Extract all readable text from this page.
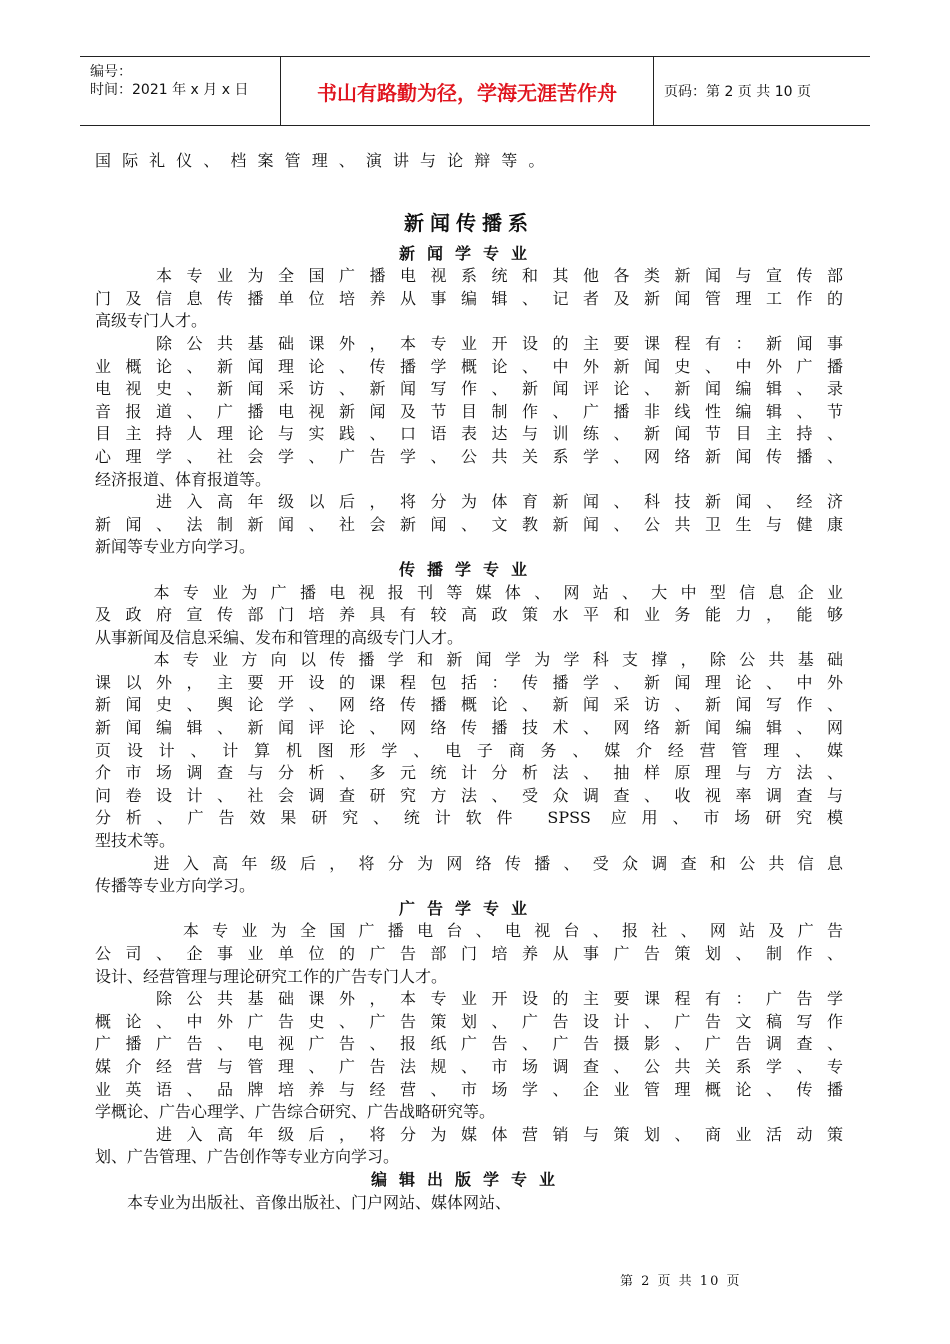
编号：
时间：2021 年 x 月 x 日	书山有路勤为径，学海无涯苦作舟	页码：第 2 页 共 10 页
国 际 礼 仪 、 档 案 管 理 、 演 讲 与 论 辩 等 。
新闻传播系
新闻学专业
　　本专业为全国广播电视系统和其他各类新闻与宣传部
门及信息传播单位培养从事编辑、记者及新闻管理工作的
高级专门人才。
　　除公共基础课外，本专业开设的主要课程有：新闻事
业概论、新闻理论、传播学概论、中外新闻史、中外广播
电视史、新闻采访、新闻写作、新闻评论、新闻编辑、录
音报道、广播电视新闻及节目制作、广播非线性编辑、节
目主持人理论与实践、口语表达与训练、新闻节目主持、
心理学、社会学、广告学、公共关系学、网络新闻传播、
经济报道、体育报道等。
　　进入高年级以后，将分为体育新闻、科技新闻、经济
新闻、法制新闻、社会新闻、文教新闻、公共卫生与健康
新闻等专业方向学习。
传播学专业
　　本专业为广播电视报刊等媒体、网站、大中型信息企业
及政府宣传部门培养具有较高政策水平和业务能力，能够
从事新闻及信息采编、发布和管理的高级专门人才。
　　本专业方向以传播学和新闻学为学科支撑，除公共基础
课以外，主要开设的课程包括：传播学、新闻理论、中外
新闻史、舆论学、网络传播概论、新闻采访、新闻写作、
新闻编辑、新闻评论、网络传播技术、网络新闻编辑、网
页设计、计算机图形学、电子商务、媒介经营管理、媒
介市场调查与分析、多元统计分析法、抽样原理与方法、
问卷设计、社会调查研究方法、受众调查、收视率调查与
分析、广告效果研究、统计软件 SPSS 应用、市场研究模
型技术等。
　　进入高年级后，将分为网络传播、受众调查和公共信息
传播等专业方向学习。
广告学专业
　　　本专业为全国广播电台、电视台、报社、网站及广告
公司、企事业单位的广告部门培养从事广告策划、制作、
设计、经营管理与理论研究工作的广告专门人才。
　　除公共基础课外，本专业开设的主要课程有：广告学
概论、中外广告史、广告策划、广告设计、广告文稿写作
广播广告、电视广告、报纸广告、广告摄影、广告调查、
媒介经营与管理、广告法规、市场调查、公共关系学、专
业英语、品牌培养与经营、市场学、企业管理概论、传播
学概论、广告心理学、广告综合研究、广告战略研究等。
　　进入高年级后，将分为媒体营销与策划、商业活动策
划、广告管理、广告创作等专业方向学习。
编辑出版学专业
　　本专业为出版社、音像出版社、门户网站、媒体网站、
第 2 页 共 10 页
